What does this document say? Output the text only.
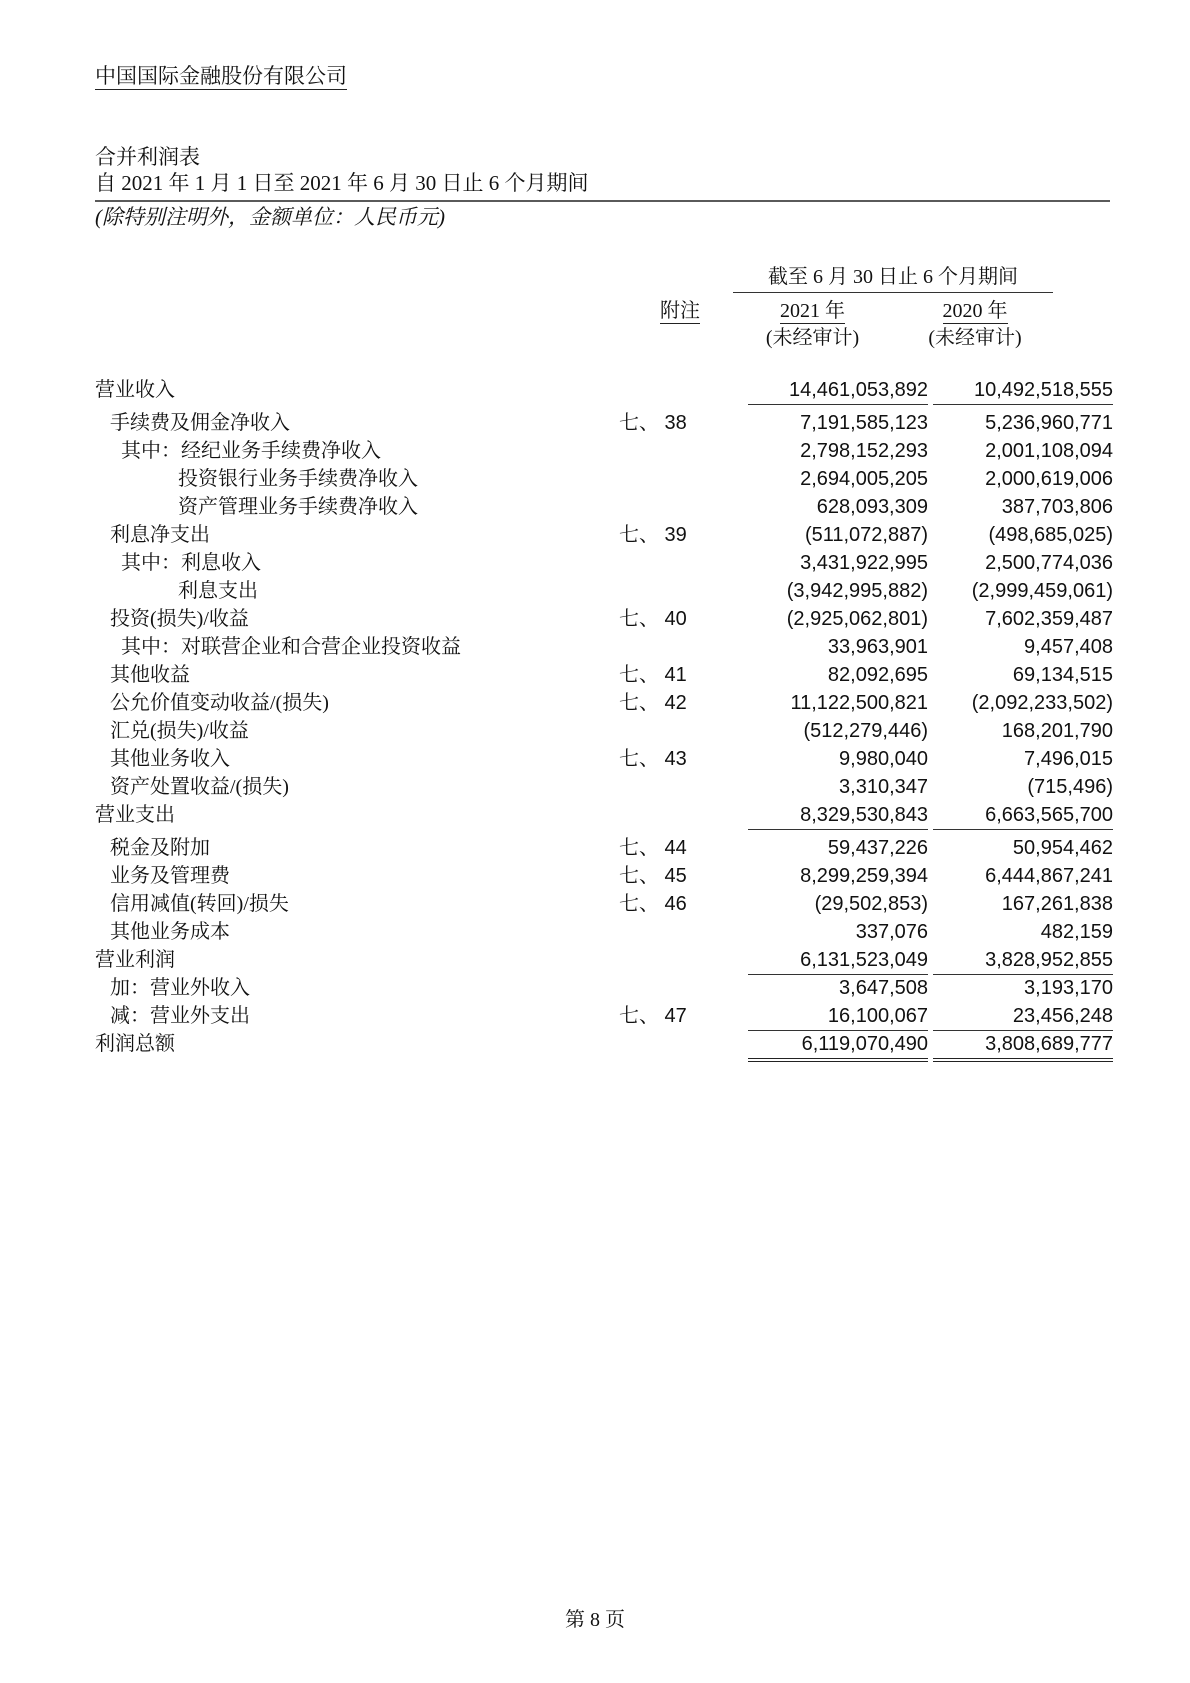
中国国际金融股份有限公司
合并利润表
自 2021 年 1 月 1 日至 2021 年 6 月 30 日止 6 个月期间
(除特别注明外，金额单位：人民币元)
截至 6 月 30 日止 6 个月期间
附注	2021 年	2020 年
(未经审计)	(未经审计)
营业收入	14,461,053,892	10,492,518,555
手续费及佣金净收入	七、 38	7,191,585,123	5,236,960,771
其中：经纪业务手续费净收入	2,798,152,293	2,001,108,094
投资银行业务手续费净收入	2,694,005,205	2,000,619,006
资产管理业务手续费净收入	628,093,309	387,703,806
利息净支出	七、 39	(511,072,887)	(498,685,025)
其中：利息收入	3,431,922,995	2,500,774,036
利息支出	(3,942,995,882)	(2,999,459,061)
投资(损失)/收益	七、 40	(2,925,062,801)	7,602,359,487
其中：对联营企业和合营企业投资收益	33,963,901	9,457,408
其他收益	七、 41	82,092,695	69,134,515
公允价值变动收益/(损失)	七、 42	11,122,500,821	(2,092,233,502)
汇兑(损失)/收益	(512,279,446)	168,201,790
其他业务收入	七、 43	9,980,040	7,496,015
资产处置收益/(损失)	3,310,347	(715,496)
营业支出	8,329,530,843	6,663,565,700
税金及附加	七、 44	59,437,226	50,954,462
业务及管理费	七、 45	8,299,259,394	6,444,867,241
信用减值(转回)/损失	七、 46	(29,502,853)	167,261,838
其他业务成本	337,076	482,159
营业利润	6,131,523,049	3,828,952,855
加：营业外收入	3,647,508	3,193,170
减：营业外支出	七、 47	16,100,067	23,456,248
利润总额	6,119,070,490	3,808,689,777
第 8 页
